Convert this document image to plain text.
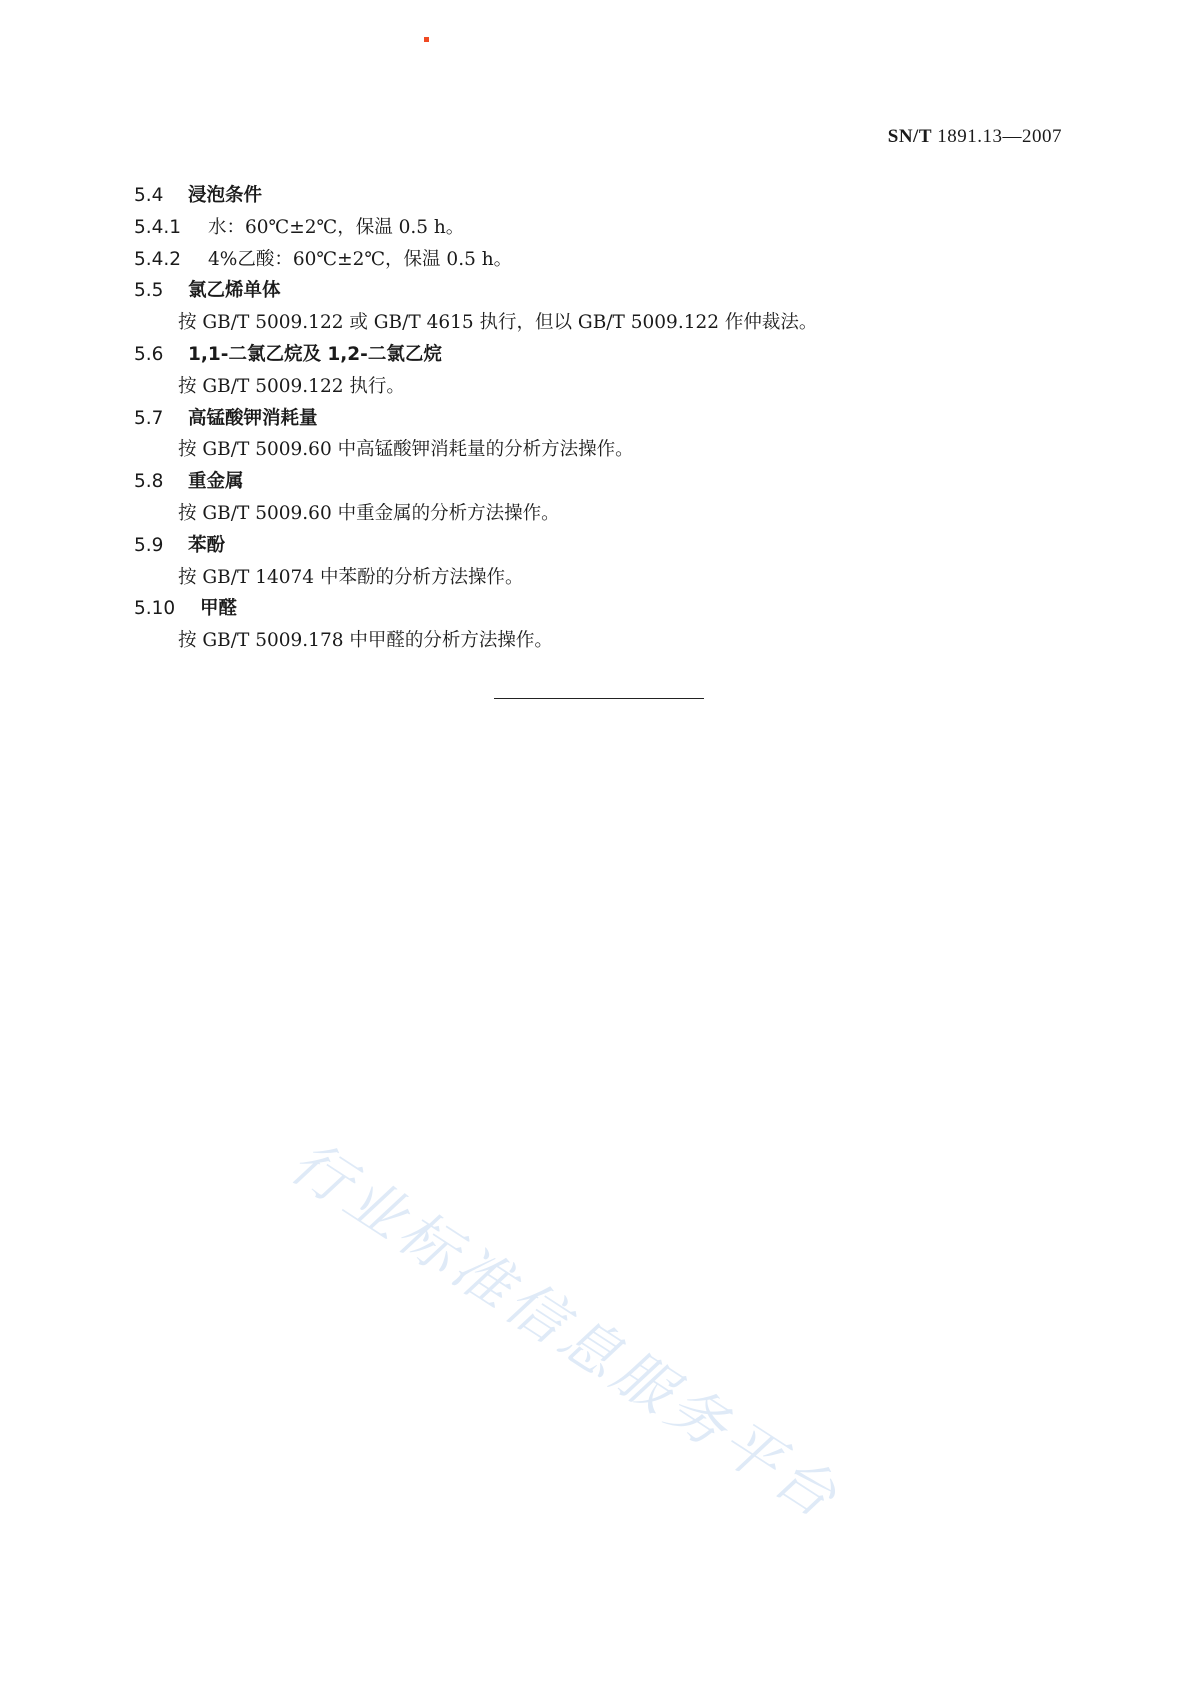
SN/T 1891.13—2007
5.4 浸泡条件
5.4.1 水：60℃±2℃，保温 0.5 h。
5.4.2 4%乙酸：60℃±2℃，保温 0.5 h。
5.5 氯乙烯单体
按 GB/T 5009.122 或 GB/T 4615 执行，但以 GB/T 5009.122 作仲裁法。
5.6 1,1-二氯乙烷及 1,2-二氯乙烷
按 GB/T 5009.122 执行。
5.7 高锰酸钾消耗量
按 GB/T 5009.60 中高锰酸钾消耗量的分析方法操作。
5.8 重金属
按 GB/T 5009.60 中重金属的分析方法操作。
5.9 苯酚
按 GB/T 14074 中苯酚的分析方法操作。
5.10 甲醛
按 GB/T 5009.178 中甲醛的分析方法操作。
行业标准信息服务平台
